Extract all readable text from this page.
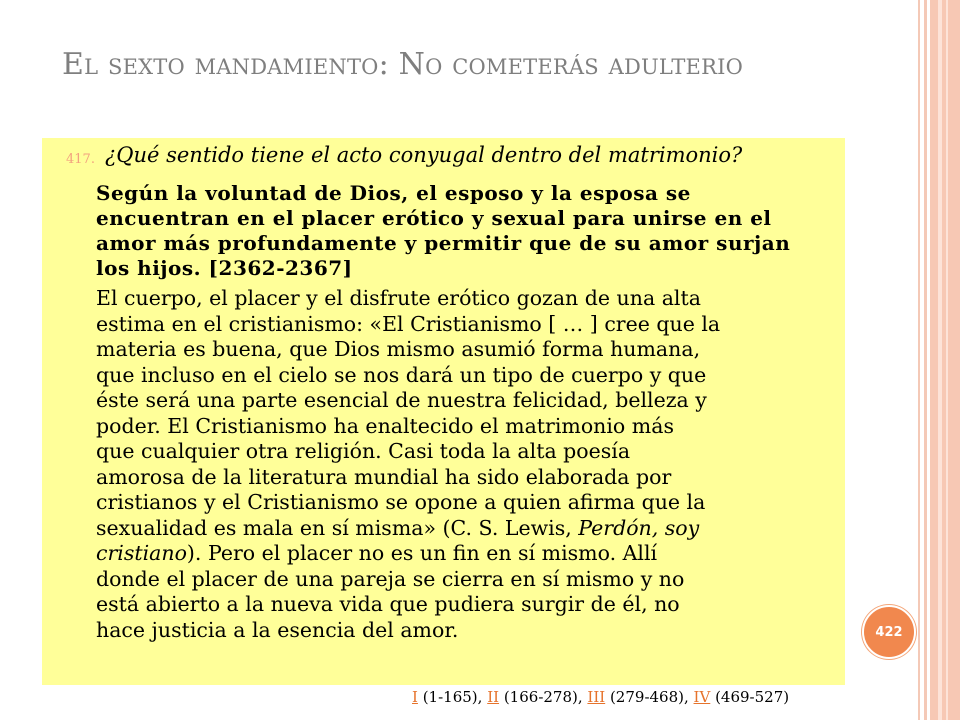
El sexto mandamiento: No cometerás adulterio
417. ¿Qué sentido tiene el acto conyugal dentro del matrimonio?
Según la voluntad de Dios, el esposo y la esposa se encuentran en el placer erótico y sexual para unirse en el amor más profundamente y permitir que de su amor surjan los hijos. [2362-2367]
El cuerpo, el placer y el disfrute erótico gozan de una alta
estima en el cristianismo: «El Cristianismo [ … ] cree que la
materia es buena, que Dios mismo asumió forma humana,
que incluso en el cielo se nos dará un tipo de cuerpo y que
éste será una parte esencial de nuestra felicidad, belleza y
poder. El Cristianismo ha enaltecido el matrimonio más
que cualquier otra religión. Casi toda la alta poesía
amorosa de la literatura mundial ha sido elaborada por
cristianos y el Cristianismo se opone a quien afirma que la
sexualidad es mala en sí misma» (C. S. Lewis, Perdón, soy
cristiano). Pero el placer no es un fin en sí mismo. Allí
donde el placer de una pareja se cierra en sí mismo y no
está abierto a la nueva vida que pudiera surgir de él, no
hace justicia a la esencia del amor.	422
I (1-165), II (166-278), III (279-468), IV (469-527)
